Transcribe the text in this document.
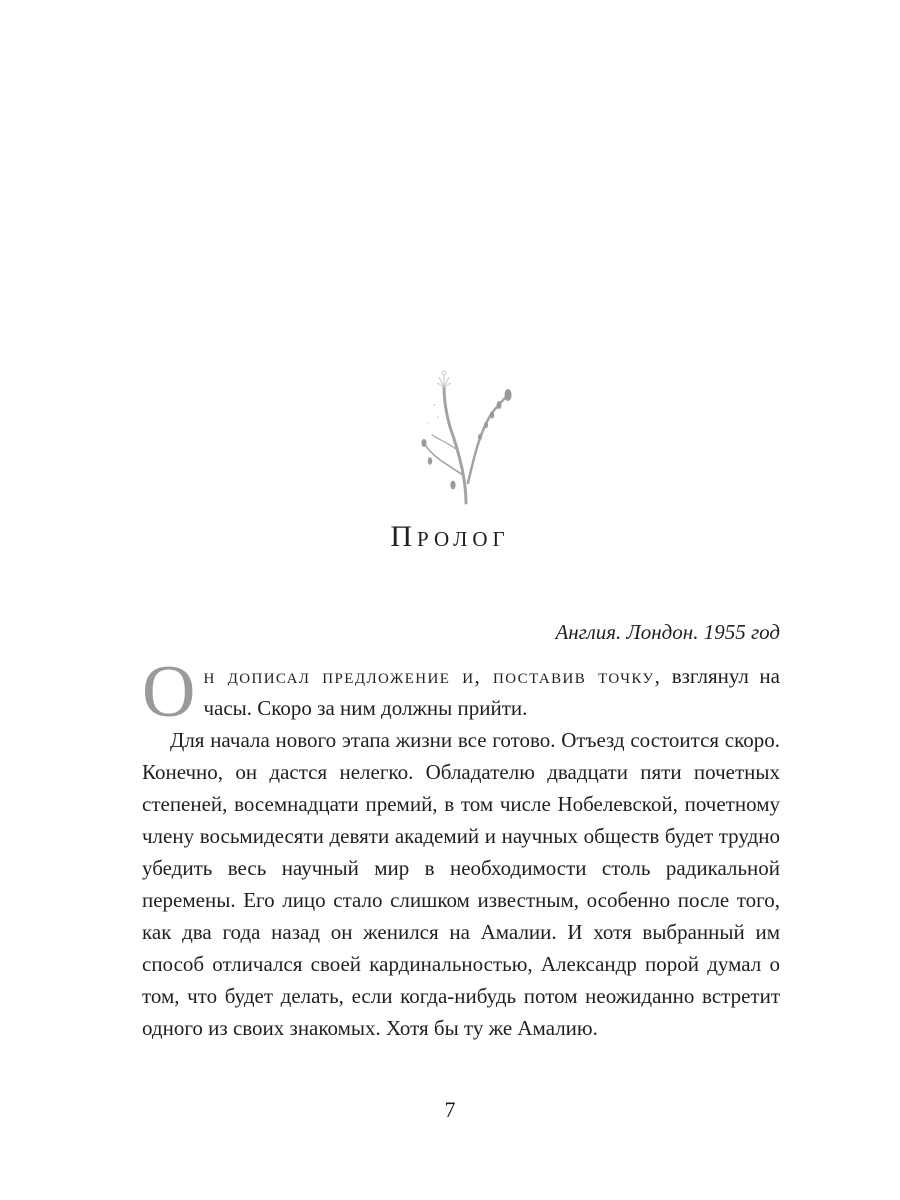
Пролог
Англия. Лондон. 1955 год

Он дописал предложение и, поставив точку, взглянул на часы. Скоро за ним должны прийти.

Для начала нового этапа жизни все готово. Отъезд состоится скоро. Конечно, он дастся нелегко. Обладателю двадцати пяти почетных степеней, восемнадцати премий, в том числе Нобелевской, почетному члену восьмидесяти девяти академий и научных обществ будет трудно убедить весь научный мир в необходимости столь радикальной перемены. Его лицо стало слишком известным, особенно после того, как два года назад он женился на Амалии. И хотя выбранный им способ отличался своей кардинальностью, Александр порой думал о том, что будет делать, если когда-нибудь потом неожиданно встретит одного из своих знакомых. Хотя бы ту же Амалию.

7
